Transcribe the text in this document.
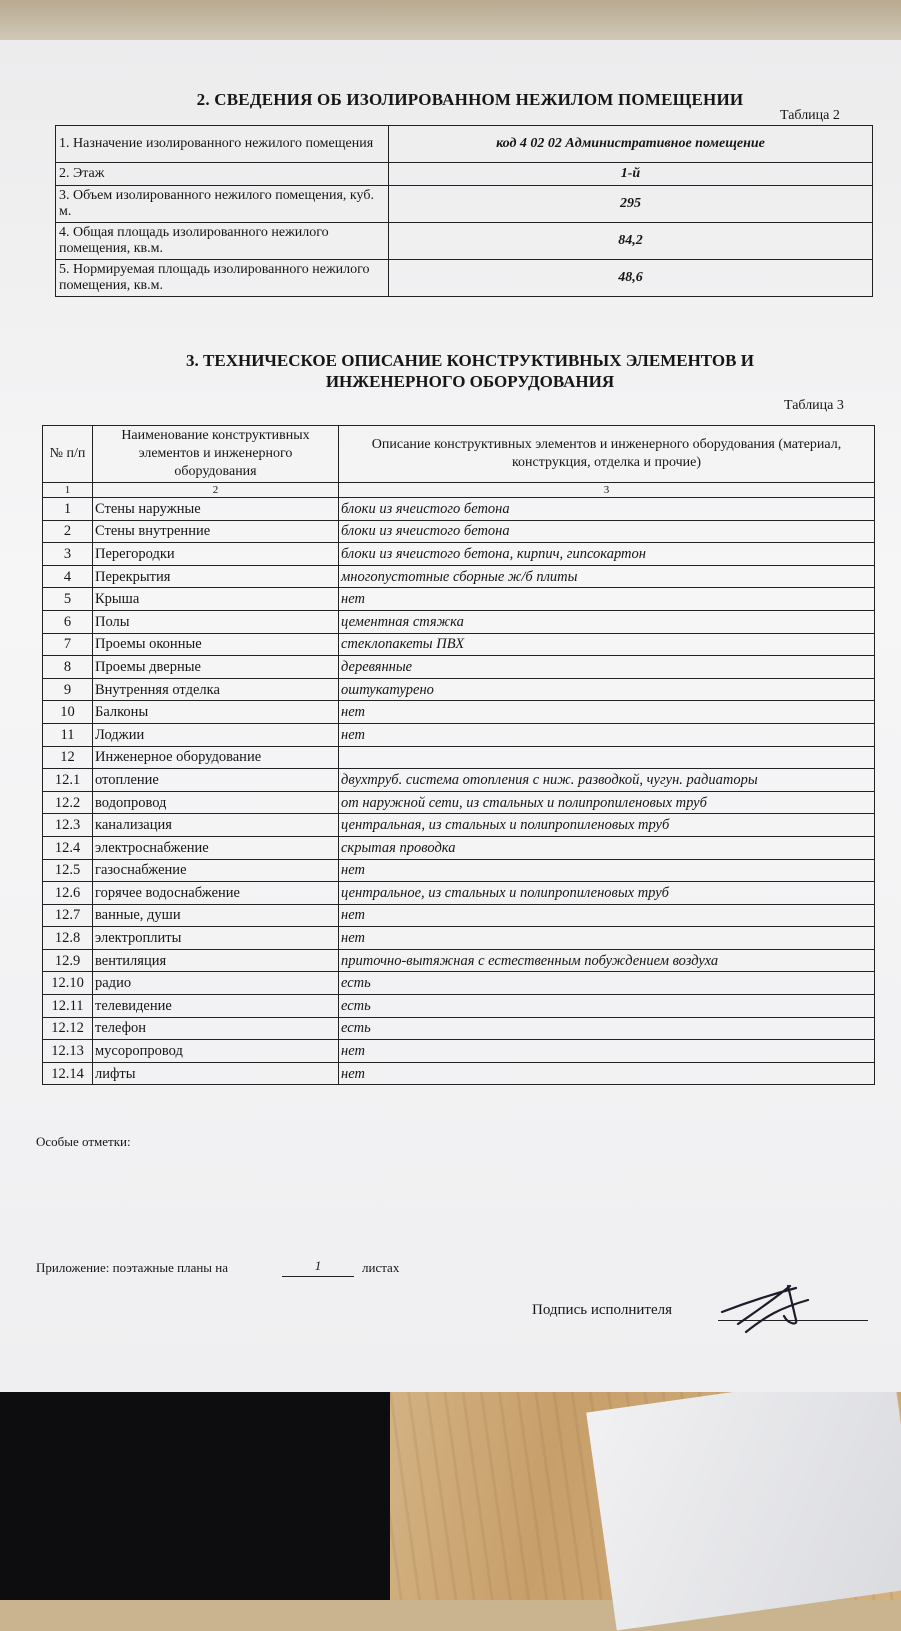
2. СВЕДЕНИЯ ОБ ИЗОЛИРОВАННОМ НЕЖИЛОМ ПОМЕЩЕНИИ
Таблица 2
1. Назначение изолированного нежилого помещения	код 4 02 02 Административное помещение
2. Этаж	1-й
3. Объем изолированного нежилого помещения, куб. м.	295
4. Общая площадь изолированного нежилого помещения, кв.м.	84,2
5. Нормируемая площадь изолированного нежилого помещения, кв.м.	48,6
3. ТЕХНИЧЕСКОЕ ОПИСАНИЕ КОНСТРУКТИВНЫХ ЭЛЕМЕНТОВ И ИНЖЕНЕРНОГО ОБОРУДОВАНИЯ
Таблица 3
№ п/п	Наименование конструктивных элементов и инженерного оборудования	Описание конструктивных элементов и инженерного оборудования (материал, конструкция, отделка и прочие)
1	2	3
1	Стены наружные	блоки из ячеистого бетона
2	Стены внутренние	блоки из ячеистого бетона
3	Перегородки	блоки из ячеистого бетона, кирпич, гипсокартон
4	Перекрытия	многопустотные сборные ж/б плиты
5	Крыша	нет
6	Полы	цементная стяжка
7	Проемы оконные	стеклопакеты ПВХ
8	Проемы дверные	деревянные
9	Внутренняя отделка	оштукатурено
10	Балконы	нет
11	Лоджии	нет
12	Инженерное оборудование	
12.1	отопление	двухтруб. система отопления с ниж. разводкой, чугун. радиаторы
12.2	водопровод	от наружной сети, из стальных и полипропиленовых труб
12.3	канализация	центральная, из стальных и полипропиленовых труб
12.4	электроснабжение	скрытая проводка
12.5	газоснабжение	нет
12.6	горячее водоснабжение	центральное, из стальных и полипропиленовых труб
12.7	ванные, души	нет
12.8	электроплиты	нет
12.9	вентиляция	приточно-вытяжная с естественным побуждением воздуха
12.10	радио	есть
12.11	телевидение	есть
12.12	телефон	есть
12.13	мусоропровод	нет
12.14	лифты	нет
Особые отметки:
Приложение: поэтажные планы на	1	листах
Подпись исполнителя
